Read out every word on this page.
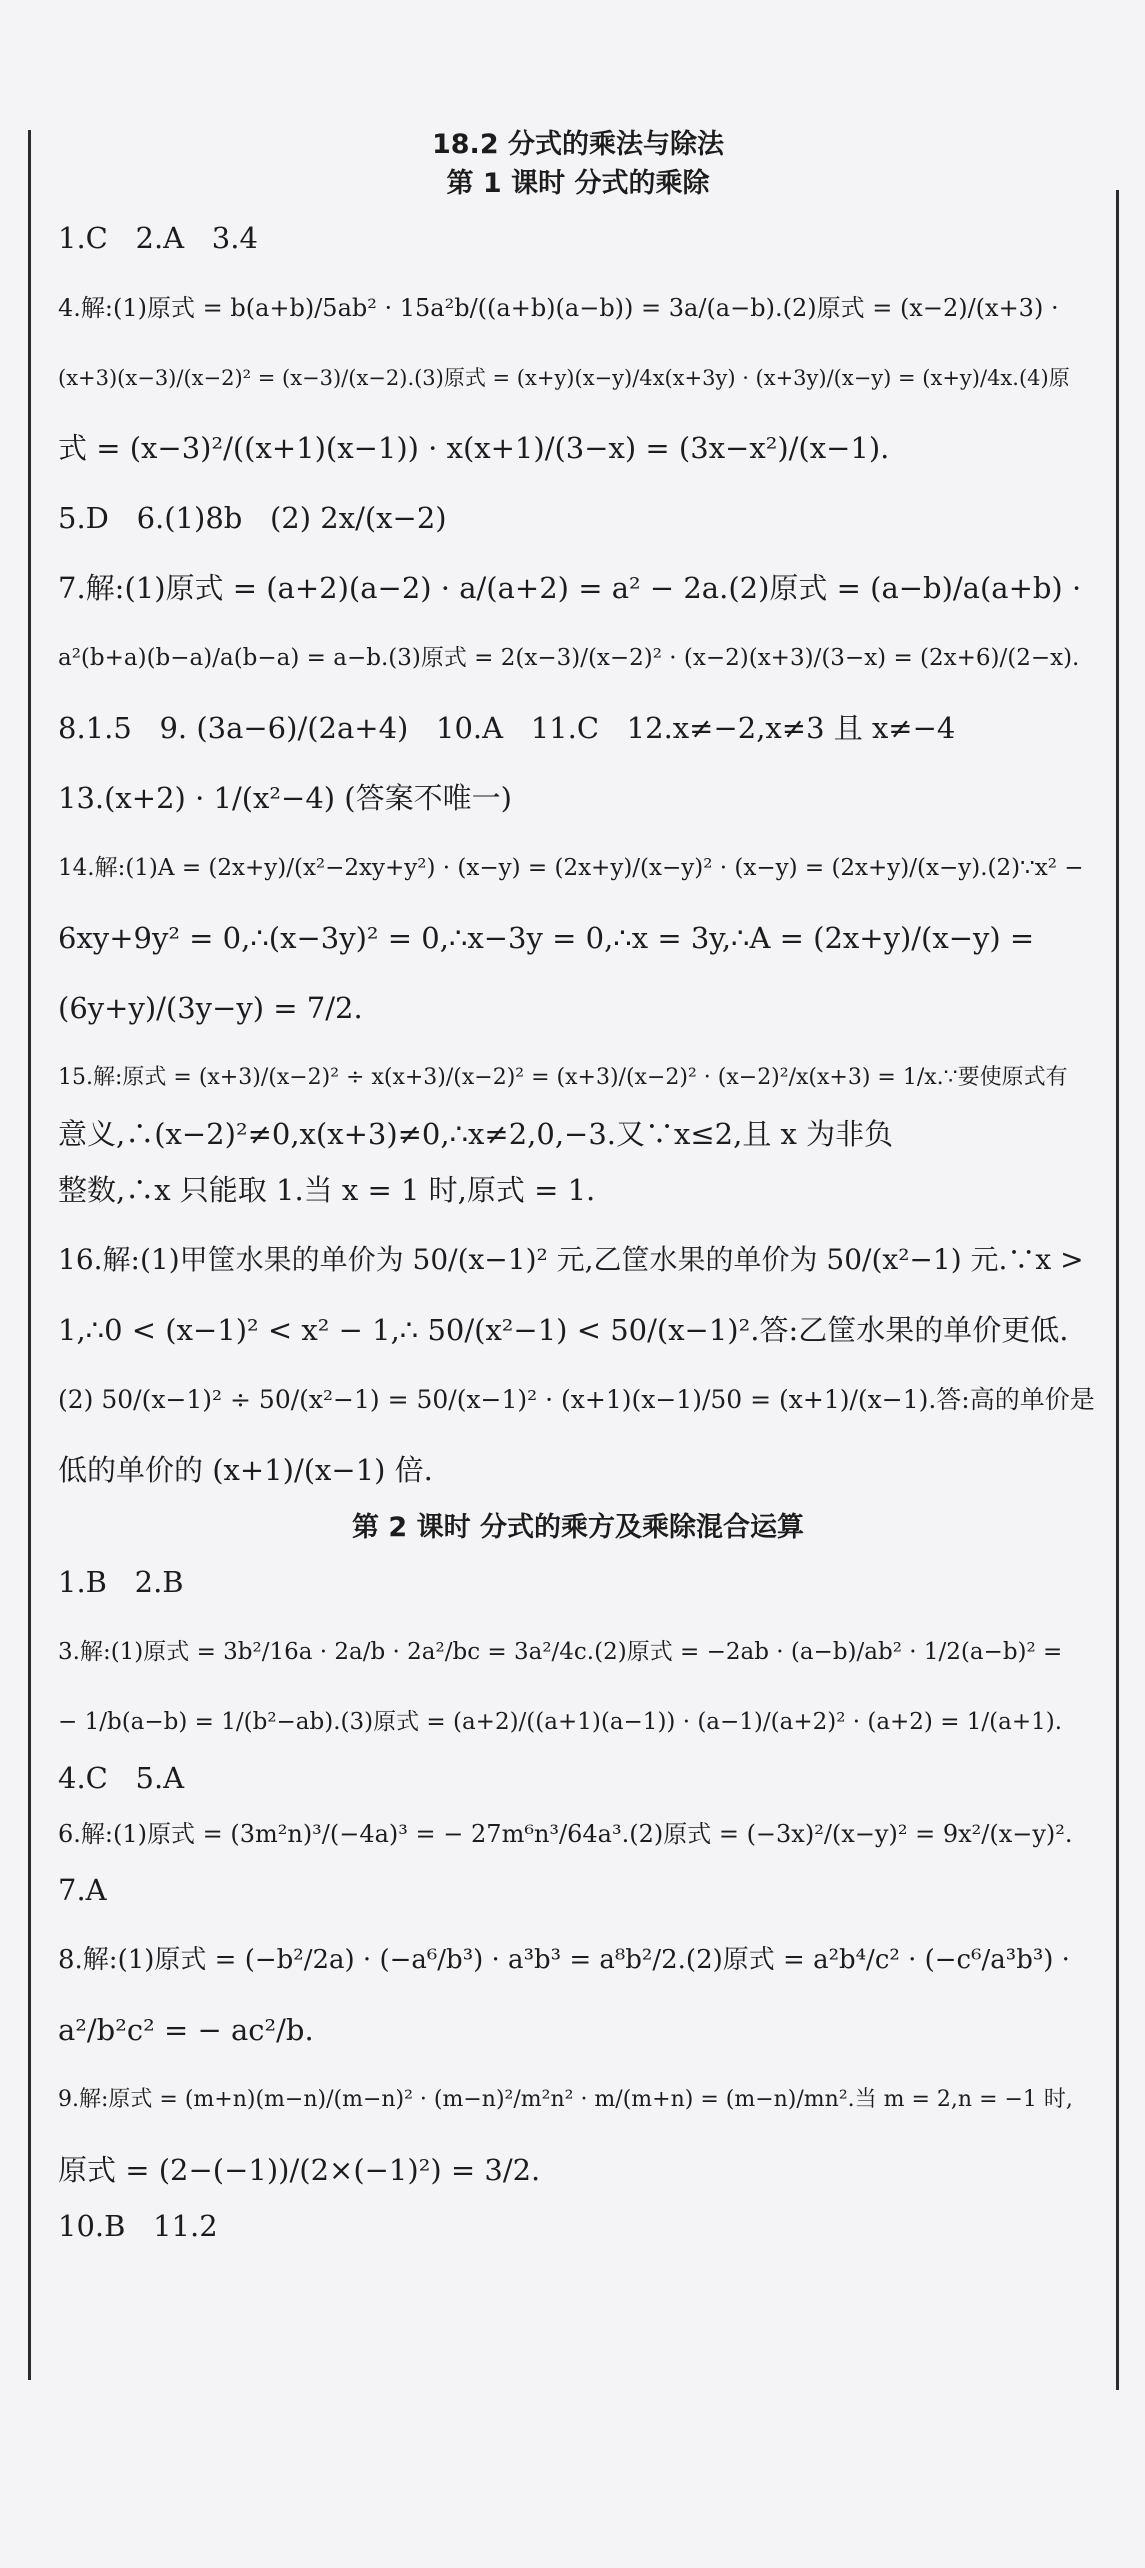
18.2 分式的乘法与除法
第 1 课时 分式的乘除
1.C   2.A   3.4
4.解:(1)原式 = b(a+b)/5ab² · 15a²b/((a+b)(a−b)) = 3a/(a−b).(2)原式 = (x−2)/(x+3) ·
(x+3)(x−3)/(x−2)² = (x−3)/(x−2).(3)原式 = (x+y)(x−y)/4x(x+3y) · (x+3y)/(x−y) = (x+y)/4x.(4)原
式 = (x−3)²/((x+1)(x−1)) · x(x+1)/(3−x) = (3x−x²)/(x−1).
5.D   6.(1)8b   (2) 2x/(x−2)
7.解:(1)原式 = (a+2)(a−2) · a/(a+2) = a² − 2a.(2)原式 = (a−b)/a(a+b) ·
a²(b+a)(b−a)/a(b−a) = a−b.(3)原式 = 2(x−3)/(x−2)² · (x−2)(x+3)/(3−x) = (2x+6)/(2−x).
8.1.5   9. (3a−6)/(2a+4)   10.A   11.C   12.x≠−2,x≠3 且 x≠−4
13.(x+2) · 1/(x²−4) (答案不唯一)
14.解:(1)A = (2x+y)/(x²−2xy+y²) · (x−y) = (2x+y)/(x−y)² · (x−y) = (2x+y)/(x−y).(2)∵x² −
6xy+9y² = 0,∴(x−3y)² = 0,∴x−3y = 0,∴x = 3y,∴A = (2x+y)/(x−y) =
(6y+y)/(3y−y) = 7/2.
15.解:原式 = (x+3)/(x−2)² ÷ x(x+3)/(x−2)² = (x+3)/(x−2)² · (x−2)²/x(x+3) = 1/x.∵要使原式有
意义,∴(x−2)²≠0,x(x+3)≠0,∴x≠2,0,−3.又∵x≤2,且 x 为非负
整数,∴x 只能取 1.当 x = 1 时,原式 = 1.
16.解:(1)甲筐水果的单价为 50/(x−1)² 元,乙筐水果的单价为 50/(x²−1) 元.∵x >
1,∴0 < (x−1)² < x² − 1,∴ 50/(x²−1) < 50/(x−1)².答:乙筐水果的单价更低.
(2) 50/(x−1)² ÷ 50/(x²−1) = 50/(x−1)² · (x+1)(x−1)/50 = (x+1)/(x−1).答:高的单价是
低的单价的 (x+1)/(x−1) 倍.
第 2 课时 分式的乘方及乘除混合运算
1.B   2.B
3.解:(1)原式 = 3b²/16a · 2a/b · 2a²/bc = 3a²/4c.(2)原式 = −2ab · (a−b)/ab² · 1/2(a−b)² =
− 1/b(a−b) = 1/(b²−ab).(3)原式 = (a+2)/((a+1)(a−1)) · (a−1)/(a+2)² · (a+2) = 1/(a+1).
4.C   5.A
6.解:(1)原式 = (3m²n)³/(−4a)³ = − 27m⁶n³/64a³.(2)原式 = (−3x)²/(x−y)² = 9x²/(x−y)².
7.A
8.解:(1)原式 = (−b²/2a) · (−a⁶/b³) · a³b³ = a⁸b²/2.(2)原式 = a²b⁴/c² · (−c⁶/a³b³) ·
a²/b²c² = − ac²/b.
9.解:原式 = (m+n)(m−n)/(m−n)² · (m−n)²/m²n² · m/(m+n) = (m−n)/mn².当 m = 2,n = −1 时,
原式 = (2−(−1))/(2×(−1)²) = 3/2.
10.B   11.2
